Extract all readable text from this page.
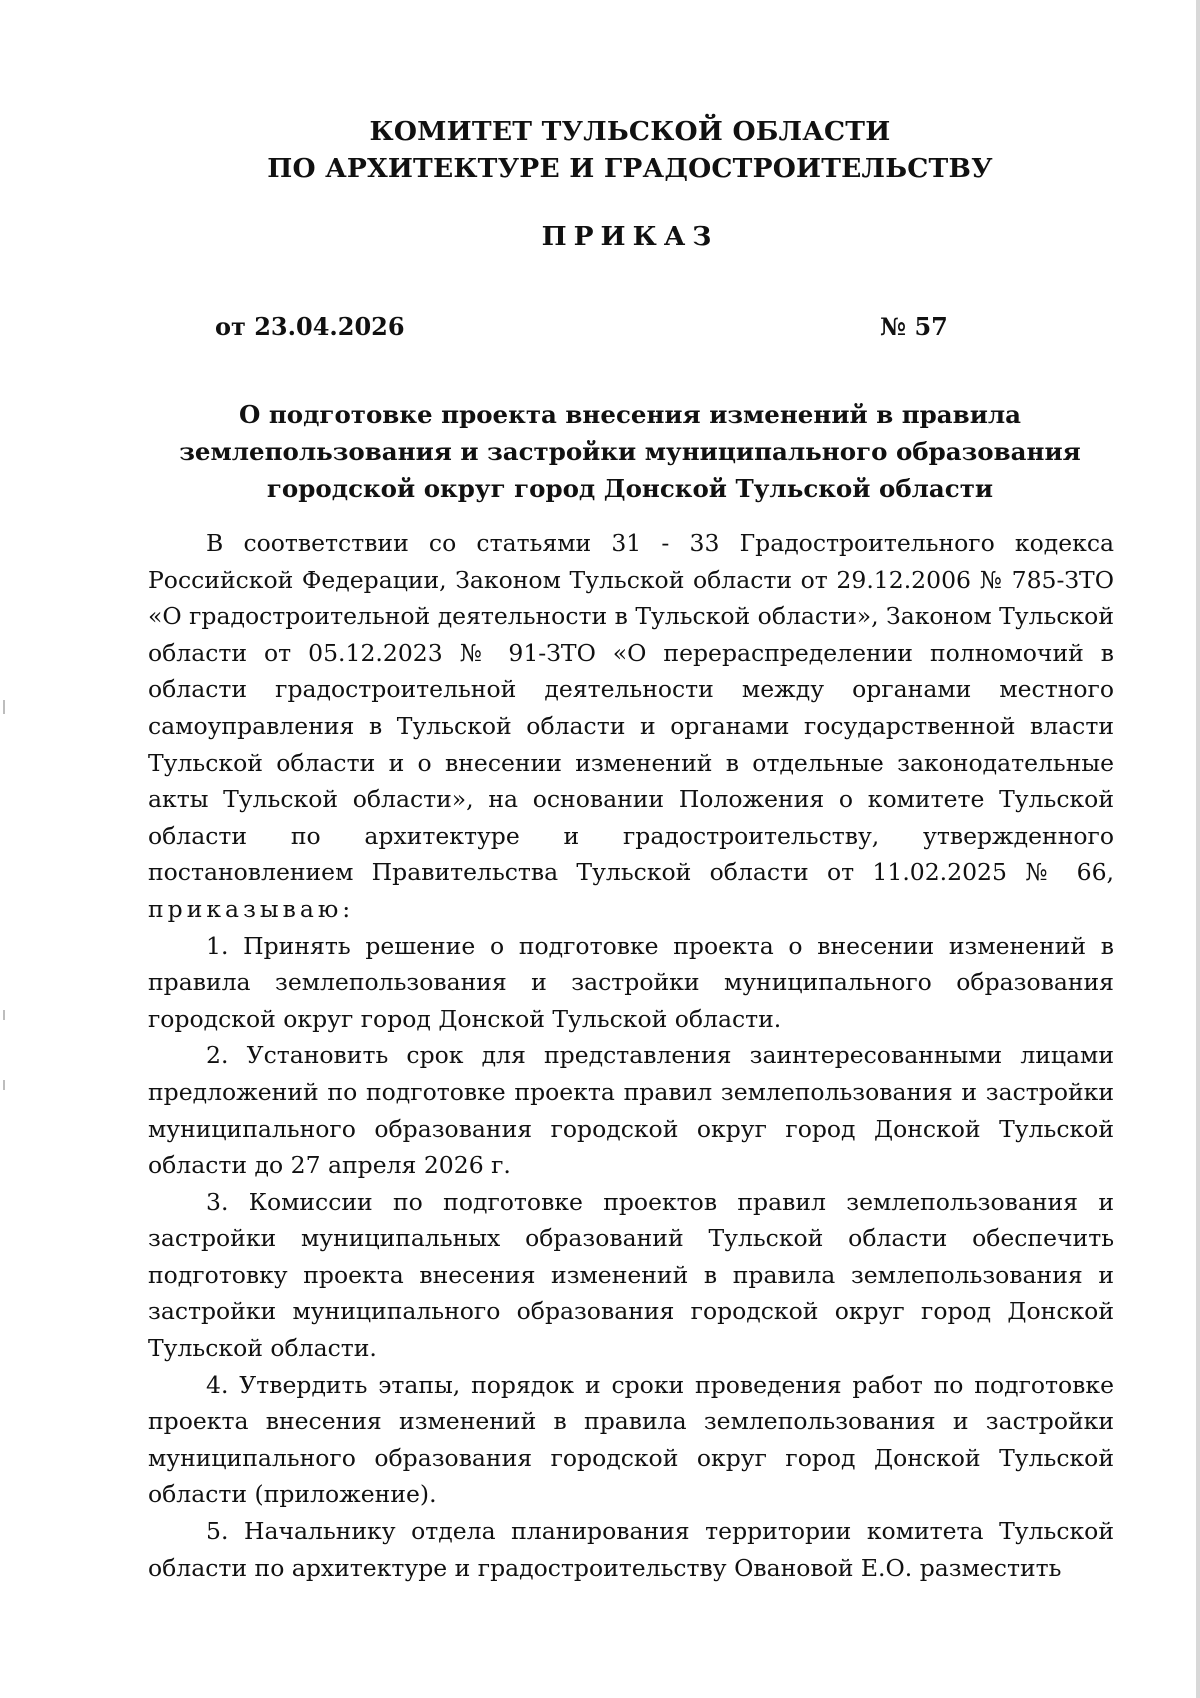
КОМИТЕТ ТУЛЬСКОЙ ОБЛАСТИ
ПО АРХИТЕКТУРЕ И ГРАДОСТРОИТЕЛЬСТВУ
ПРИКАЗ
от 23.04.2026	№ 57
О подготовке проекта внесения изменений в правила землепользования и застройки муниципального образования городской округ город Донской Тульской области

В соответствии со статьями 31 - 33 Градостроительного кодекса Российской Федерации, Законом Тульской области от 29.12.2006 № 785-ЗТО «О градостроительной деятельности в Тульской области», Законом Тульской области от 05.12.2023 № 91-ЗТО «О перераспределении полномочий в области градостроительной деятельности между органами местного самоуправления в Тульской области и органами государственной власти Тульской области и о внесении изменений в отдельные законодательные акты Тульской области», на основании Положения о комитете Тульской области по архитектуре и градостроительству, утвержденного постановлением Правительства Тульской области от 11.02.2025 № 66, приказываю:

1. Принять решение о подготовке проекта о внесении изменений в правила землепользования и застройки муниципального образования городской округ город Донской Тульской области.

2. Установить срок для представления заинтересованными лицами предложений по подготовке проекта правил землепользования и застройки муниципального образования городской округ город Донской Тульской области до 27 апреля 2026 г.

3. Комиссии по подготовке проектов правил землепользования и застройки муниципальных образований Тульской области обеспечить подготовку проекта внесения изменений в правила землепользования и застройки муниципального образования городской округ город Донской Тульской области.

4. Утвердить этапы, порядок и сроки проведения работ по подготовке проекта внесения изменений в правила землепользования и застройки муниципального образования городской округ город Донской Тульской области (приложение).

5. Начальнику отдела планирования территории комитета Тульской области по архитектуре и градостроительству Овановой Е.О. разместить
